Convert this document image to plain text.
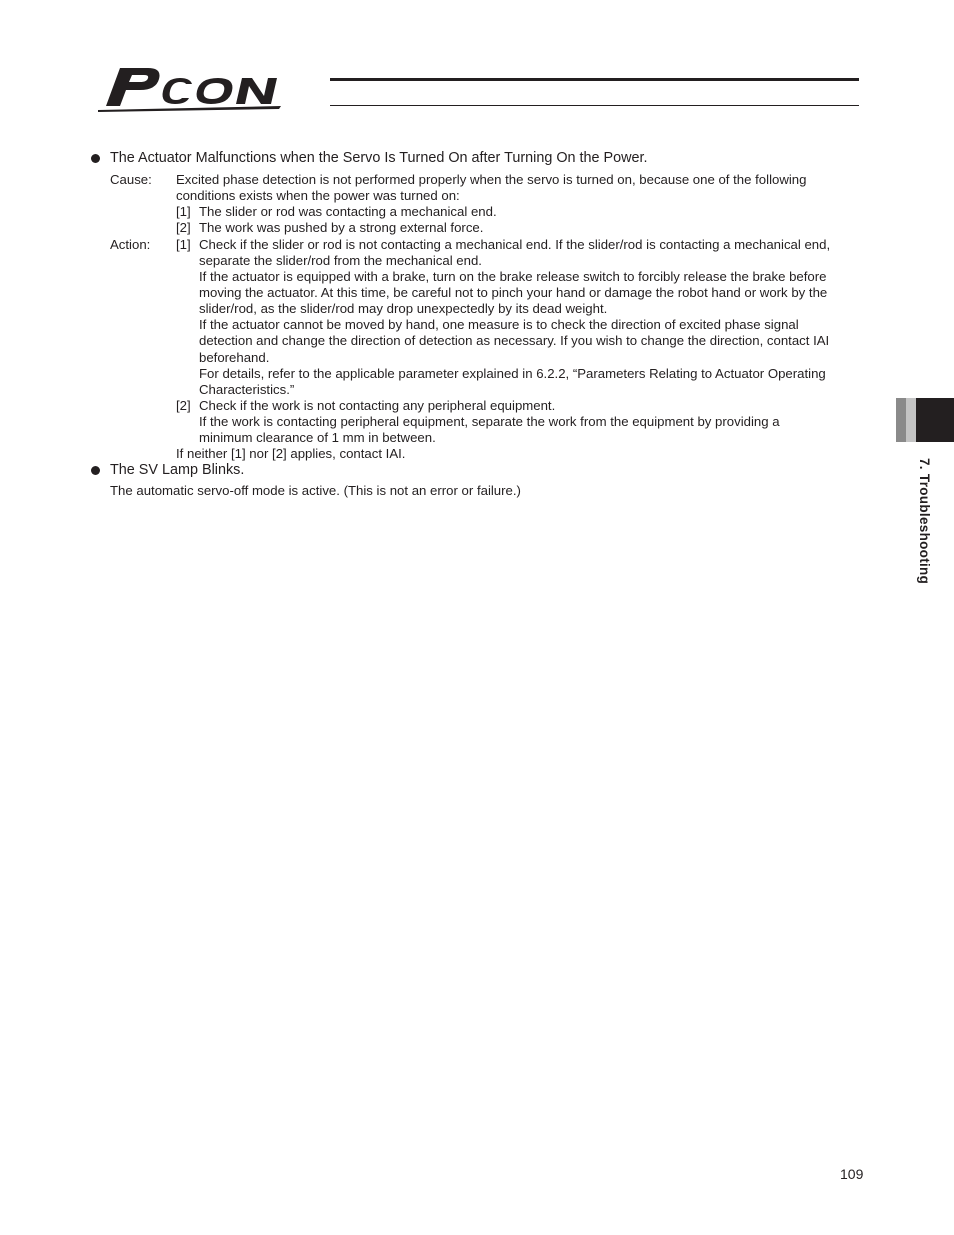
7. Troubleshooting
The Actuator Malfunctions when the Servo Is Turned On after Turning On the Power.
Cause: Excited phase detection is not performed properly when the servo is turned on, because one of the following
conditions exists when the power was turned on:
[1] The slider or rod was contacting a mechanical end.
[2] The work was pushed by a strong external force.
Action: [1] Check if the slider or rod is not contacting a mechanical end. If the slider/rod is contacting a mechanical end,
separate the slider/rod from the mechanical end.
If the actuator is equipped with a brake, turn on the brake release switch to forcibly release the brake before
moving the actuator. At this time, be careful not to pinch your hand or damage the robot hand or work by the
slider/rod, as the slider/rod may drop unexpectedly by its dead weight.
If the actuator cannot be moved by hand, one measure is to check the direction of excited phase signal
detection and change the direction of detection as necessary. If you wish to change the direction, contact IAI
beforehand.
For details, refer to the applicable parameter explained in 6.2.2, “Parameters Relating to Actuator Operating
Characteristics.”
[2] Check if the work is not contacting any peripheral equipment.
If the work is contacting peripheral equipment, separate the work from the equipment by providing a
minimum clearance of 1 mm in between.
If neither [1] nor [2] applies, contact IAI.
The SV Lamp Blinks.
The automatic servo-off mode is active. (This is not an error or failure.)
109
